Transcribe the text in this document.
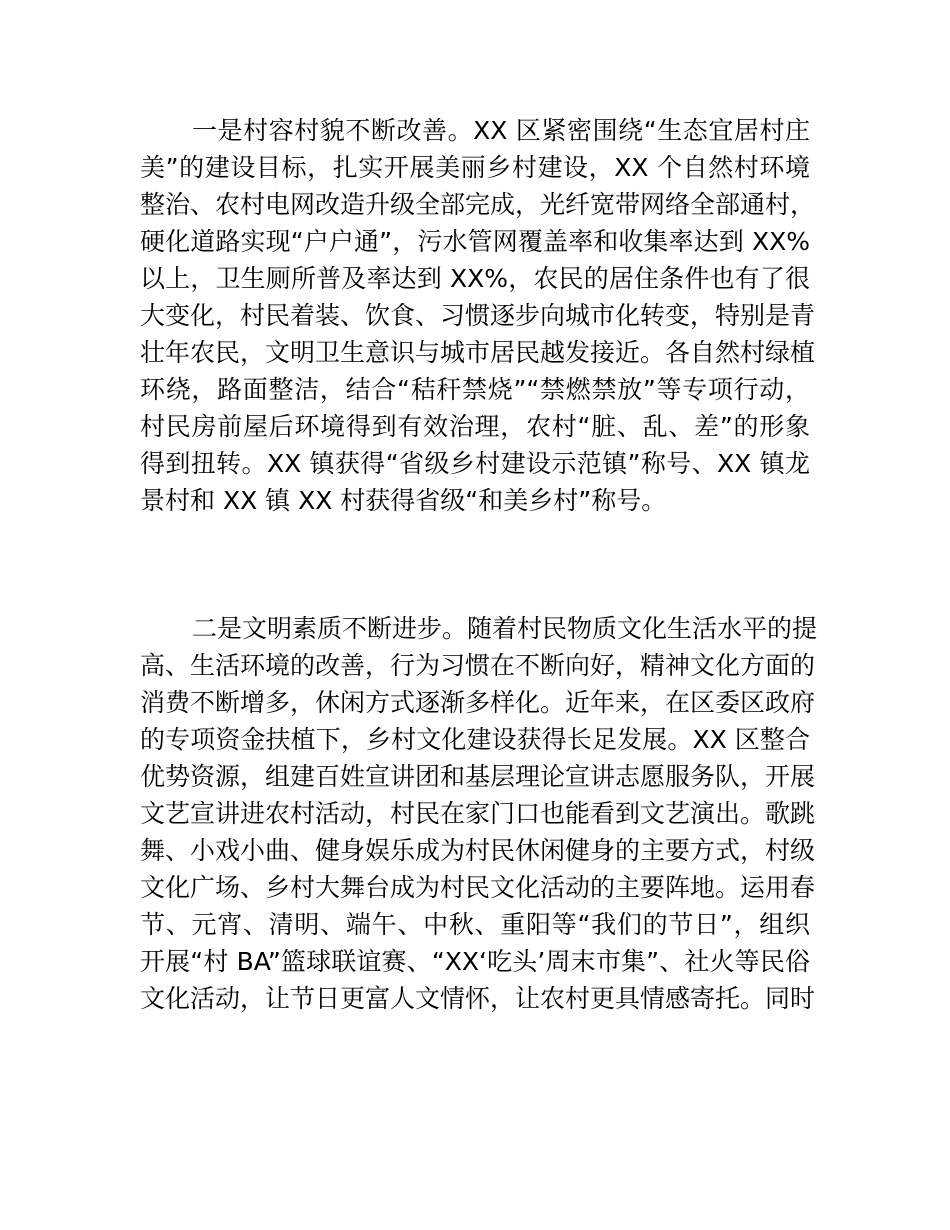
一是村容村貌不断改善。XX 区紧密围绕“生态宜居村庄
美”的建设目标，扎实开展美丽乡村建设，XX 个自然村环境
整治、农村电网改造升级全部完成，光纤宽带网络全部通村，
硬化道路实现“户户通”，污水管网覆盖率和收集率达到 XX%
以上，卫生厕所普及率达到 XX%，农民的居住条件也有了很
大变化，村民着装、饮食、习惯逐步向城市化转变，特别是青
壮年农民，文明卫生意识与城市居民越发接近。各自然村绿植
环绕，路面整洁，结合“秸秆禁烧”“禁燃禁放”等专项行动，
村民房前屋后环境得到有效治理，农村“脏、乱、差”的形象
得到扭转。XX 镇获得“省级乡村建设示范镇”称号、XX 镇龙
景村和 XX 镇 XX 村获得省级“和美乡村”称号。
二是文明素质不断进步。随着村民物质文化生活水平的提
高、生活环境的改善，行为习惯在不断向好，精神文化方面的
消费不断增多，休闲方式逐渐多样化。近年来，在区委区政府
的专项资金扶植下，乡村文化建设获得长足发展。XX 区整合
优势资源，组建百姓宣讲团和基层理论宣讲志愿服务队，开展
文艺宣讲进农村活动，村民在家门口也能看到文艺演出。歌跳
舞、小戏小曲、健身娱乐成为村民休闲健身的主要方式，村级
文化广场、乡村大舞台成为村民文化活动的主要阵地。运用春
节、元宵、清明、端午、中秋、重阳等“我们的节日”，组织
开展“村 BA”篮球联谊赛、“XX‘吃头’周末市集”、社火等民俗
文化活动，让节日更富人文情怀，让农村更具情感寄托。同时
